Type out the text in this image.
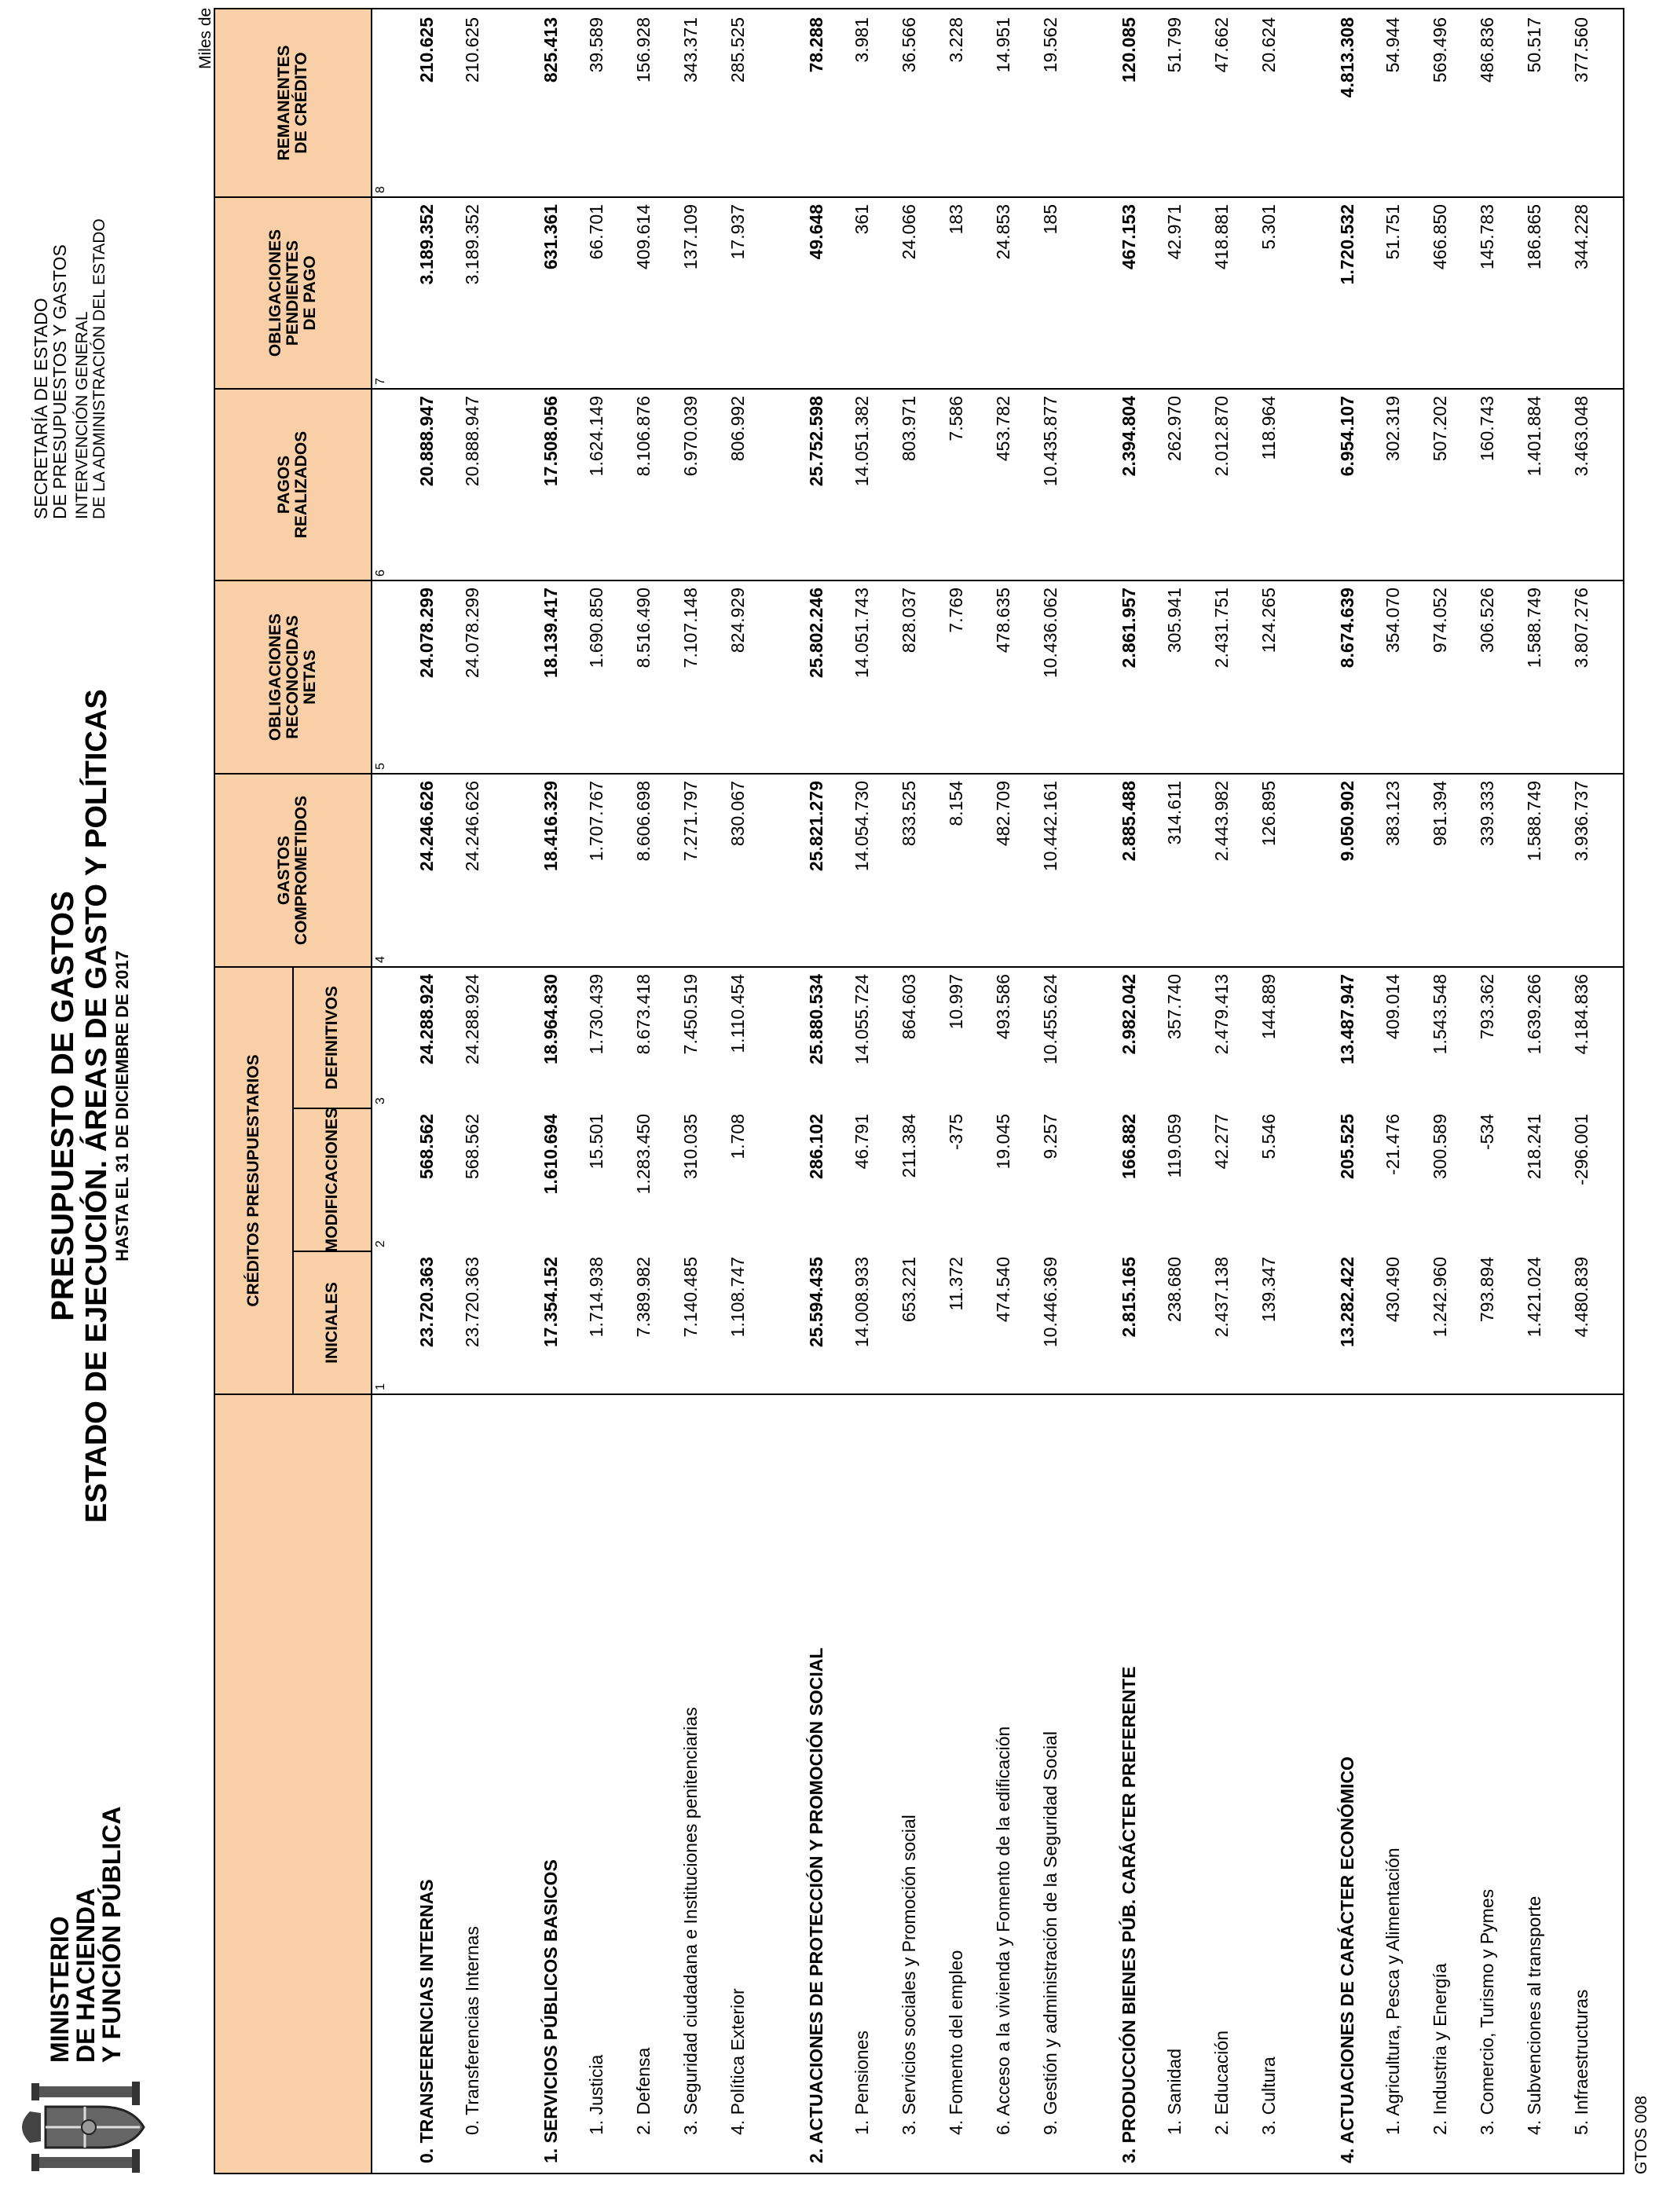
MINISTERIO
DE HACIENDA
Y FUNCIÓN PÚBLICA
PRESUPUESTO DE GASTOS ESTADO DE EJECUCIÓN. ÁREAS DE GASTO Y POLÍTICAS HASTA EL 31 DE DICIEMBRE DE 2017
SECRETARÍA DE ESTADO
DE PRESUPUESTOS Y GASTOS INTERVENCIÓN GENERAL DE LA ADMINISTRACIÓN DEL ESTADO
Miles de
CRÉDITOS PRESUPUESTARIOS
INICIALES
MODIFICACIONES
DEFINITIVOS
GASTOS COMPROMETIDOS
OBLIGACIONES RECONOCIDAS NETAS
PAGOS REALIZADOS
OBLIGACIONES PENDIENTES DE PAGO
REMANENTES DE CRÉDITO
1
2
3
4
5
6
7
8
0. TRANSFERENCIAS INTERNAS
23.720.363
568.562
24.288.924
24.246.626
24.078.299
20.888.947
3.189.352
210.625
0. Transferencias Internas
23.720.363
568.562
24.288.924
24.246.626
24.078.299
20.888.947
3.189.352
210.625
1. SERVICIOS PÚBLICOS BASICOS
17.354.152
1.610.694
18.964.830
18.416.329
18.139.417
17.508.056
631.361
825.413
1. Justicia
1.714.938
15.501
1.730.439
1.707.767
1.690.850
1.624.149
66.701
39.589
2. Defensa
7.389.982
1.283.450
8.673.418
8.606.698
8.516.490
8.106.876
409.614
156.928
3. Seguridad ciudadana e Instituciones penitenciarias
7.140.485
310.035
7.450.519
7.271.797
7.107.148
6.970.039
137.109
343.371
4. Política Exterior
1.108.747
1.708
1.110.454
830.067
824.929
806.992
17.937
285.525
2. ACTUACIONES DE PROTECCIÓN Y PROMOCIÓN SOCIAL
25.594.435
286.102
25.880.534
25.821.279
25.802.246
25.752.598
49.648
78.288
1. Pensiones
14.008.933
46.791
14.055.724
14.054.730
14.051.743
14.051.382
361
3.981
3. Servicios sociales y Promoción social
653.221
211.384
864.603
833.525
828.037
803.971
24.066
36.566
4. Fomento del empleo
11.372
-375
10.997
8.154
7.769
7.586
183
3.228
6. Acceso a la vivienda y Fomento de la edificación
474.540
19.045
493.586
482.709
478.635
453.782
24.853
14.951
9. Gestión y administración de la Seguridad Social
10.446.369
9.257
10.455.624
10.442.161
10.436.062
10.435.877
185
19.562
3. PRODUCCIÓN BIENES PÚB. CARÁCTER PREFERENTE
2.815.165
166.882
2.982.042
2.885.488
2.861.957
2.394.804
467.153
120.085
1. Sanidad
238.680
119.059
357.740
314.611
305.941
262.970
42.971
51.799
2. Educación
2.437.138
42.277
2.479.413
2.443.982
2.431.751
2.012.870
418.881
47.662
3. Cultura
139.347
5.546
144.889
126.895
124.265
118.964
5.301
20.624
4. ACTUACIONES DE CARÁCTER ECONÓMICO
13.282.422
205.525
13.487.947
9.050.902
8.674.639
6.954.107
1.720.532
4.813.308
1. Agricultura, Pesca y Alimentación
430.490
-21.476
409.014
383.123
354.070
302.319
51.751
54.944
2. Industria y Energía
1.242.960
300.589
1.543.548
981.394
974.052
507.202
466.850
569.496
3. Comercio, Turismo y Pymes
793.894
-534
793.362
339.333
306.526
160.743
145.783
486.836
4. Subvenciones al transporte
1.421.024
218.241
1.639.266
1.588.749
1.588.749
1.401.884
186.865
50.517
5. Infraestructuras
4.480.839
-296.001
4.184.836
3.936.737
3.807.276
3.463.048
344.228
377.560
GTOS 008
